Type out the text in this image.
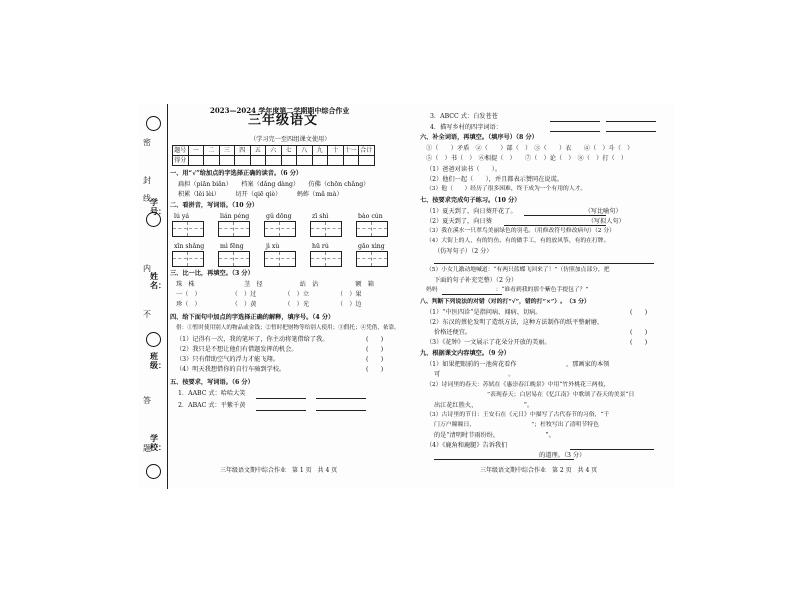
密
封
线
内
不
答
题
学号：
姓名：
班级：
学校：
2023—2024 学年度第二学期期中综合作业
三年级语文
（学习完一至四组课文使用）
题号	一	二	三	四	五	六	七	八	九	十	十一	合计
得分												
一、用“√”给加点的字选择正确的读音。（6 分）
扁担（piān biǎn）　　档案（dǎng dàng）　　仿佛（chōn chǎng）
积累（lěi lèi）　　　切开（qiē qiè）　　　蚂蚱（mǎ mà）
二、看拼音，写词语。（10 分）
lú yá	lián péng	gǔ dōng	zī shì	bào cún
xīn shǎng	mì fēng	jì xù	hū rú	gāo xìng
三、比一比，再填空。（3 分）
珠　株　　　　　　　　茎　径　　　　　　站　沾　　　　　　额　箱
一（　）　　　　　　（　）过　　　　　（　）立　　　　　（　）果
珍（　）　　　　　　（　）黄　　　　　（　）光　　　　　（　）边
四、给下面句中加点的字选择正确的解释，填序号。（4 分）
借：①暂时使用别人的物品或金钱；②暂时把财物等给别人使用；③假托；④凭借，依靠。
（1）记得有一次，我的笔坏了，你主动将笔借给了我。
（2）我只是不想让他们有借题发挥的机会。
（3）只有借助空气的浮力才能飞翔。
（4）明天我想借你的自行车骑到学校。
(　　)
(　　)
(　　)
(　　)
五、按要求，写词语。（6 分）
1．AABC 式：哈哈大笑
2．ABAC 式：平紫千黄
三年级语文期中综合作业　第 1 页　共 4 页
3．ABCC 式：白发苍苍
4．描写乡村的四字词语：
六、补全词语，再填空。（填序号）（8 分）
①（　　）矛盾　②（　　）部（　）　③（　　）衣　　④（　）斗（　）
⑤（　）书（　）　⑥相提（　）　　⑦（　）论（　）　⑧（　）打（　）
（1）爸爸对读书（　　）。
（2）他们一起（　　），并且都表示赞同在说谎。
（3）他（　　）经历了很多困难，终于成为一个有用的人才。
七、按要求完成句子练习。（10 分）
（1）夏天到了，向日葵开花了。　　　　　　　　　　　　（写比喻句）
（2）夏天到了，向日葵　　　　　　　　　　　　　　　　（写拟人句）
（3）我在溪水一只翠鸟美丽绿色的羽毛。（用修改符号修改病句）（2 分）
（4）大街上的人，有的钓鱼、有的做手工，有的放风筝，有的在打牌。
（仿写句子）（2 分）
（5）小女儿激动地喊道：“有两只蓝蝶飞回来了！”（仿照加点部分，把
下面的句子补充完整）（2 分）
妈妈　　　　　　　　　　：“谁看到我的那个紫色手提包了？”
八、判断下列说法的对错（对的打“√”，错的打“×”）。（3 分）
（1）“中医四诊”是指问病、闻病、切病。
（2）东汉的蔡伦发明了造纸方法，这种方法制作的纸平整耐磨，
价格还便宜。
（3）《花钟》一文展示了花朵分开放的美丽。
(　　)
(　　)
(　　)
九、根据课文内容填空。（9 分）
（1）如果把眼前的一池荷花看作　　　　　　　　，那画家的本领
可　　　　　　　　　　　。
（2）诗词里的春天：苏轼在《惠崇春江晚景》中用“竹外桃花三两枝，
　　　　　　　　　”表现春天；白居易在《忆江南》中歌颂了春天的美景“日
出江花红胜火，　　　　　　　　”。
（3）古诗里的节日：王安石在《元日》中描写了古代春节的习俗，“千
门万户瞳瞳日，　　　　　　　　　　”；杜牧写出了清明节特色
的是“清明时节雨纷纷，　　　　　　　　”。
（4）《鹿角和鹿腿》告诉我们　　　　　　　　　　　　　　
　　　　　　　　　　　　　　　　　的道理。（3 分）
三年级语文期中综合作业　第 2 页　共 4 页
